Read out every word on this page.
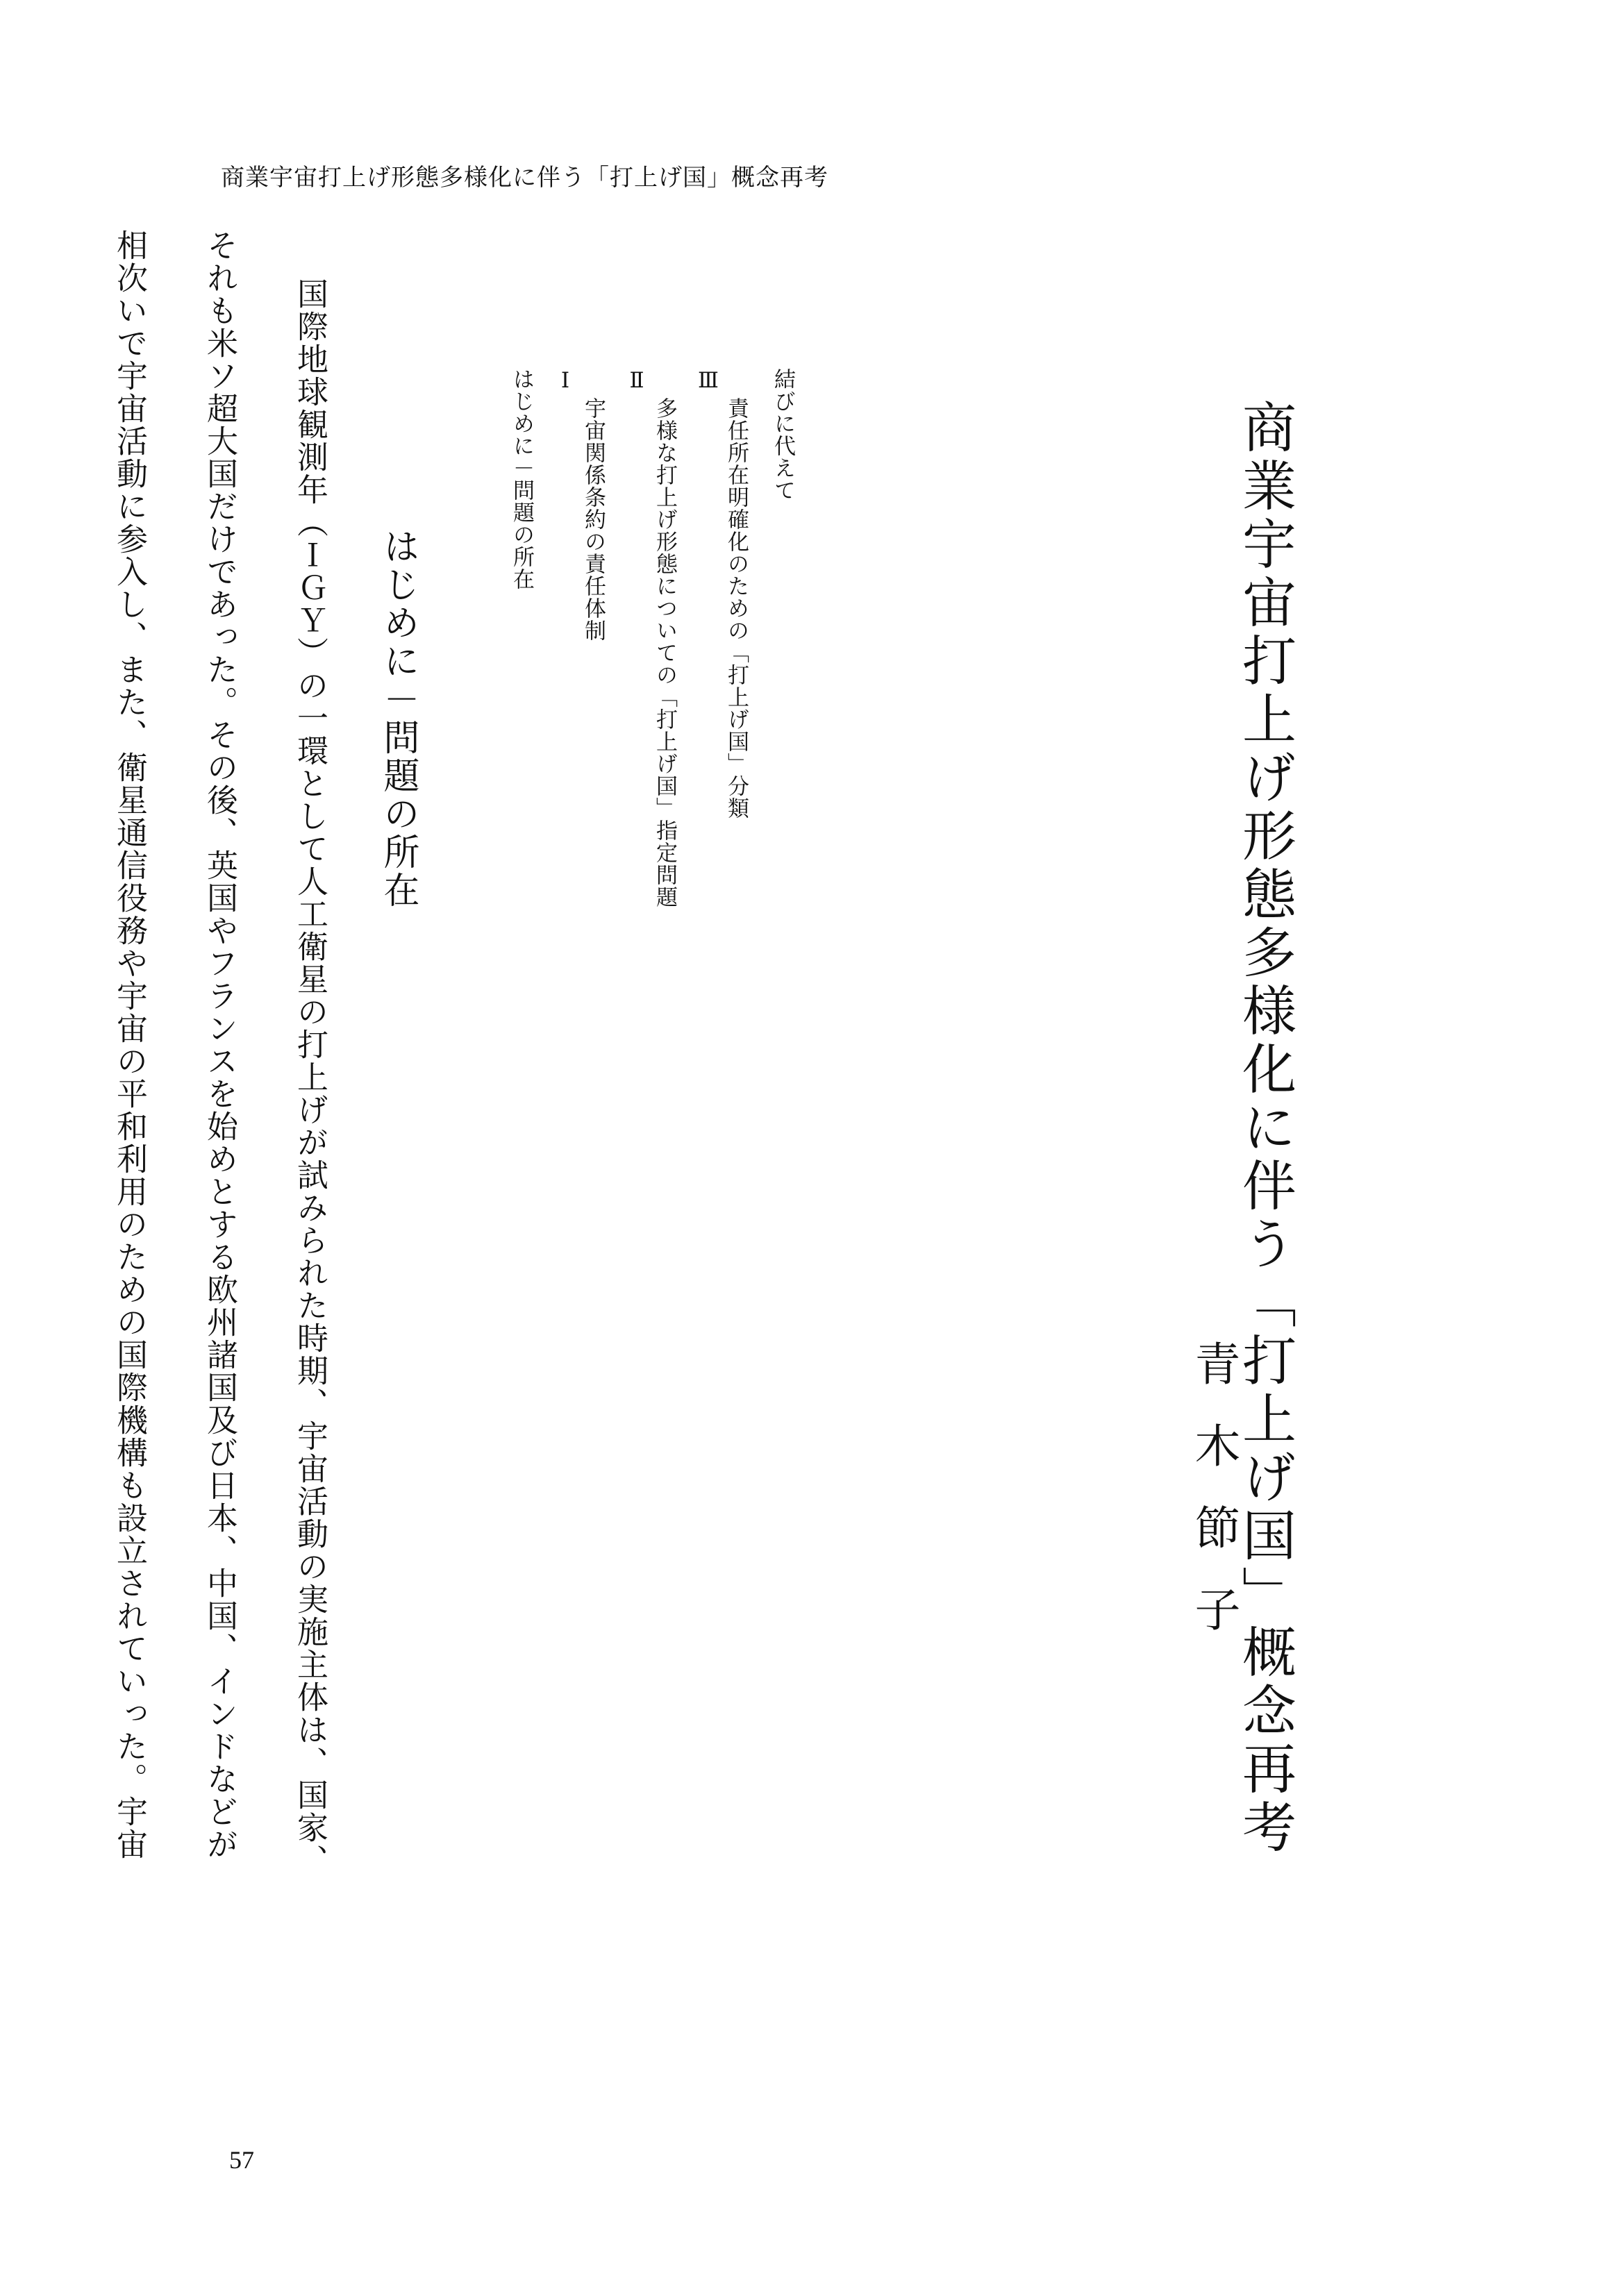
商業宇宙打上げ形態多様化に伴う「打上げ国」概念再考
商業宇宙打上げ形態多様化に伴う
「打上げ国」概念再考
青木節子
はじめに－問題の所在 Ⅰ
宇宙関係条約の責任体制
Ⅱ
多様な打上げ形態についての「打上げ国」指定問題
Ⅲ
責任所在明確化のための「打上げ国」分類 結びに代えて
はじめに－問題の所在
国際地球観測年（ＩＧＹ）の一環として人工衛星の打上げが試みられた時期、宇宙活動の実施主体は、国家、
それも米ソ超大国だけであった。その後、英国やフランスを始めとする欧州諸国及び日本、中国、インドなどが
相次いで宇宙活動に参入し、また、衛星通信役務や宇宙の平和利用のための国際機構も設立されていった。宇宙
57
